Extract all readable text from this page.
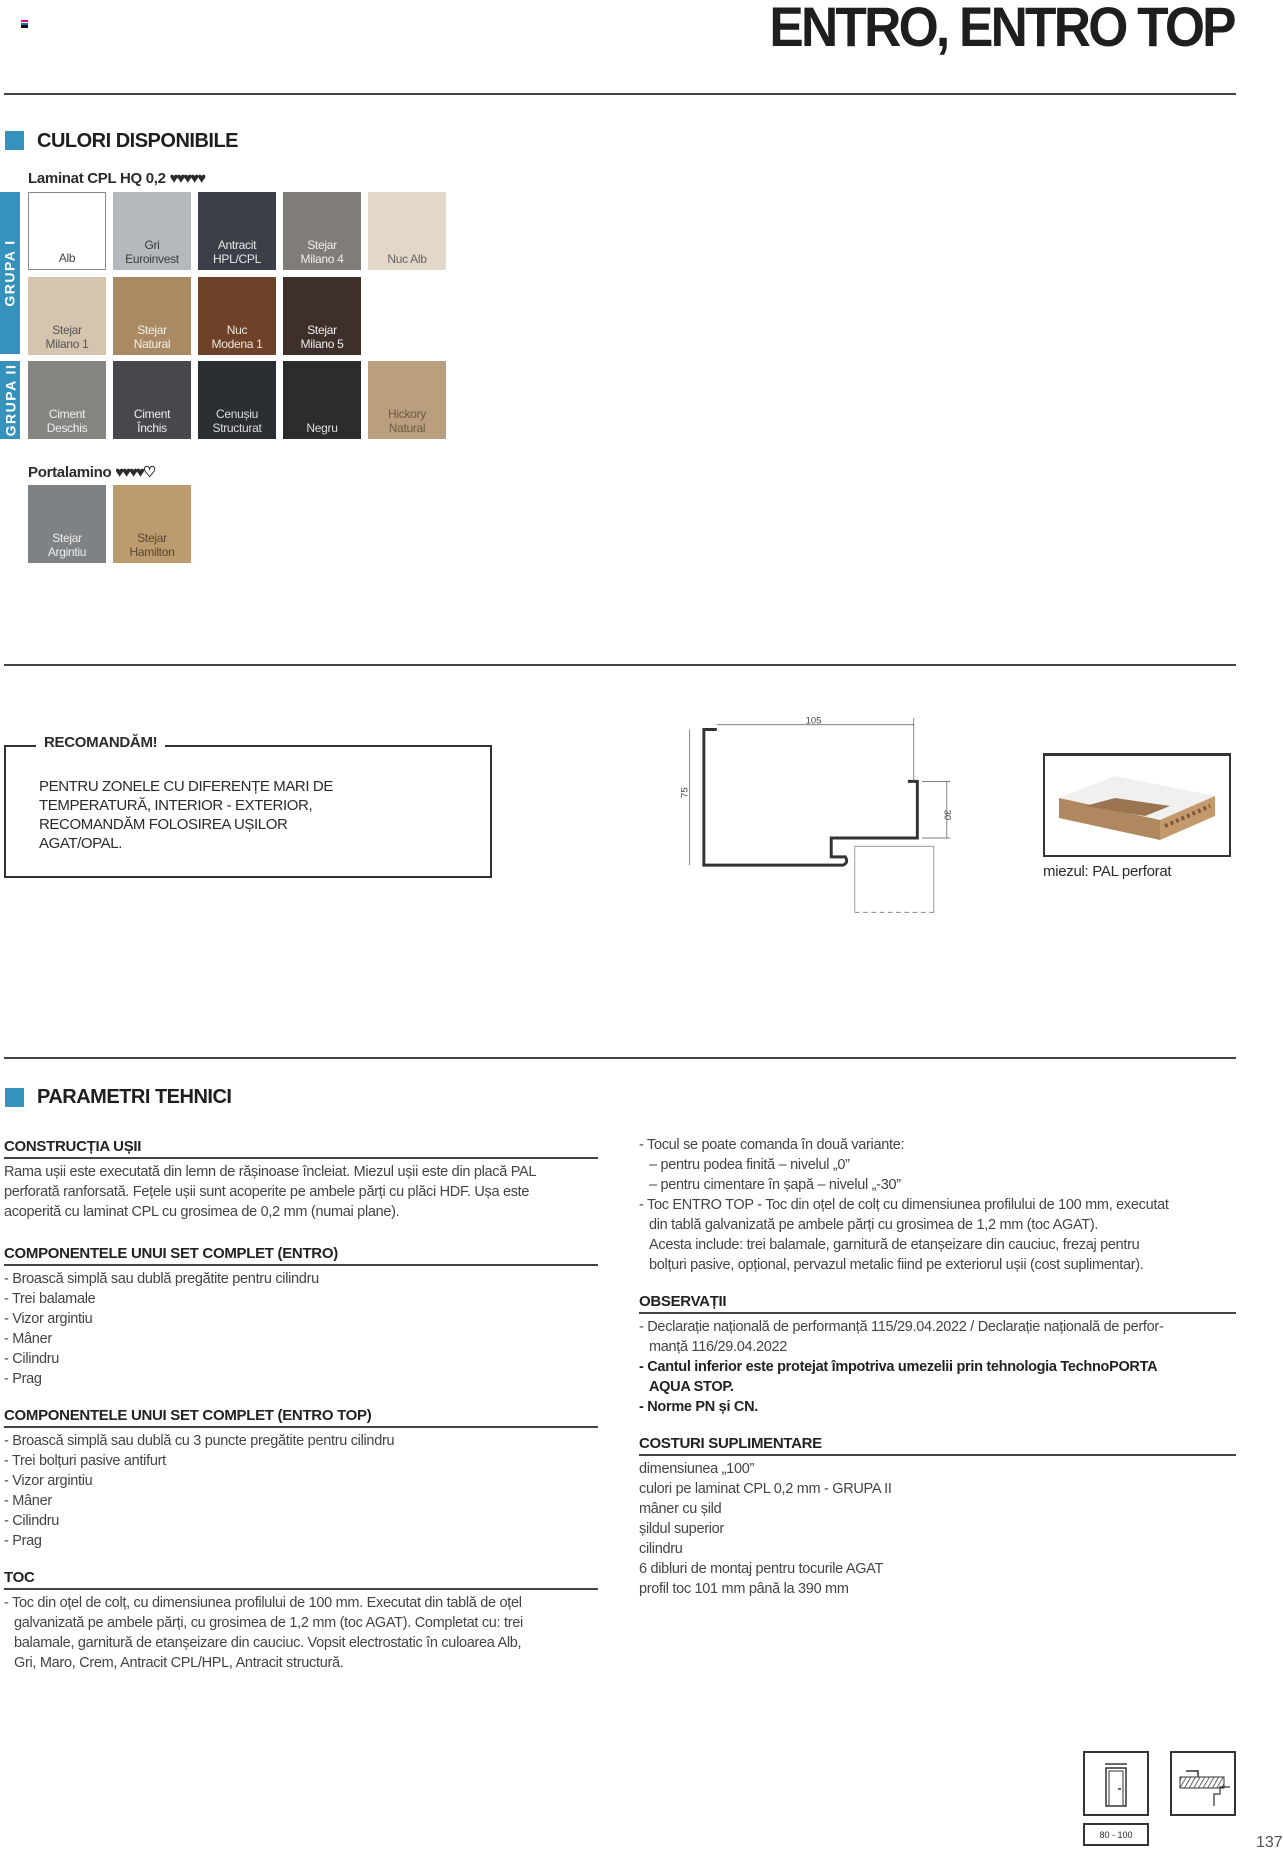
ENTRO, ENTRO TOP
CULORI DISPONIBILE
Laminat CPL HQ 0,2 ♥♥♥♥♥
GRUPA I
GRUPA II
Alb
Gri Euroinvest
Antracit HPL/CPL
Stejar Milano 4	Nuc Alb
Stejar Milano 1
Stejar Natural
Nuc Modena 1
Stejar Milano 5
Ciment Deschis
Ciment Închis
Cenușiu Structurat	Negru
Hickory Natural
Stejar Argintiu
Stejar Hamilton
Portalamino ♥♥♥♥♡
RECOMANDĂM!
PENTRU ZONELE CU DIFERENȚE MARI DE
TEMPERATURĂ, INTERIOR - EXTERIOR,
RECOMANDĂM FOLOSIREA UȘILOR
AGAT/OPAL.
105
75
30
miezul: PAL perforat
PARAMETRI TEHNICI
CONSTRUCȚIA UȘII
Rama ușii este executată din lemn de rășinoase încleiat. Miezul ușii este din placă PAL
perforată ranforsată. Fețele ușii sunt acoperite pe ambele părți cu plăci HDF. Ușa este
acoperită cu laminat CPL cu grosimea de 0,2 mm (numai plane).
COMPONENTELE UNUI SET COMPLET (ENTRO)
- Broască simplă sau dublă pregătite pentru cilindru
- Trei balamale
- Vizor argintiu
- Mâner
- Cilindru
- Prag
COMPONENTELE UNUI SET COMPLET (ENTRO TOP)
- Broască simplă sau dublă cu 3 puncte pregătite pentru cilindru
- Trei bolțuri pasive antifurt
- Vizor argintiu
- Mâner
- Cilindru
- Prag
TOC
- Toc din oțel de colț, cu dimensiunea profilului de 100 mm. Executat din tablă de oțel
galvanizată pe ambele părți, cu grosimea de 1,2 mm (toc AGAT). Completat cu: trei
balamale, garnitură de etanșeizare din cauciuc. Vopsit electrostatic în culoarea Alb,
Gri, Maro, Crem, Antracit CPL/HPL, Antracit structură.
- Tocul se poate comanda în două variante:
– pentru podea finită – nivelul „0”
– pentru cimentare în șapă – nivelul „-30”
- Toc ENTRO TOP - Toc din oțel de colț cu dimensiunea profilului de 100 mm, executat
din tablă galvanizată pe ambele părți cu grosimea de 1,2 mm (toc AGAT).
Acesta include: trei balamale, garnitură de etanșeizare din cauciuc, frezaj pentru
bolțuri pasive, opțional, pervazul metalic fiind pe exteriorul ușii (cost suplimentar).
OBSERVAȚII
- Declarație națională de performanță 115/29.04.2022 / Declarație națională de perfor-
manță 116/29.04.2022
- Cantul inferior este protejat împotriva umezelii prin tehnologia TechnoPORTA
AQUA STOP.
- Norme PN și CN.
COSTURI SUPLIMENTARE
dimensiunea „100”
culori pe laminat CPL 0,2 mm - GRUPA II
mâner cu șild
șildul superior
cilindru
6 dibluri de montaj pentru tocurile AGAT
profil toc 101 mm până la 390 mm
80 - 100	137
